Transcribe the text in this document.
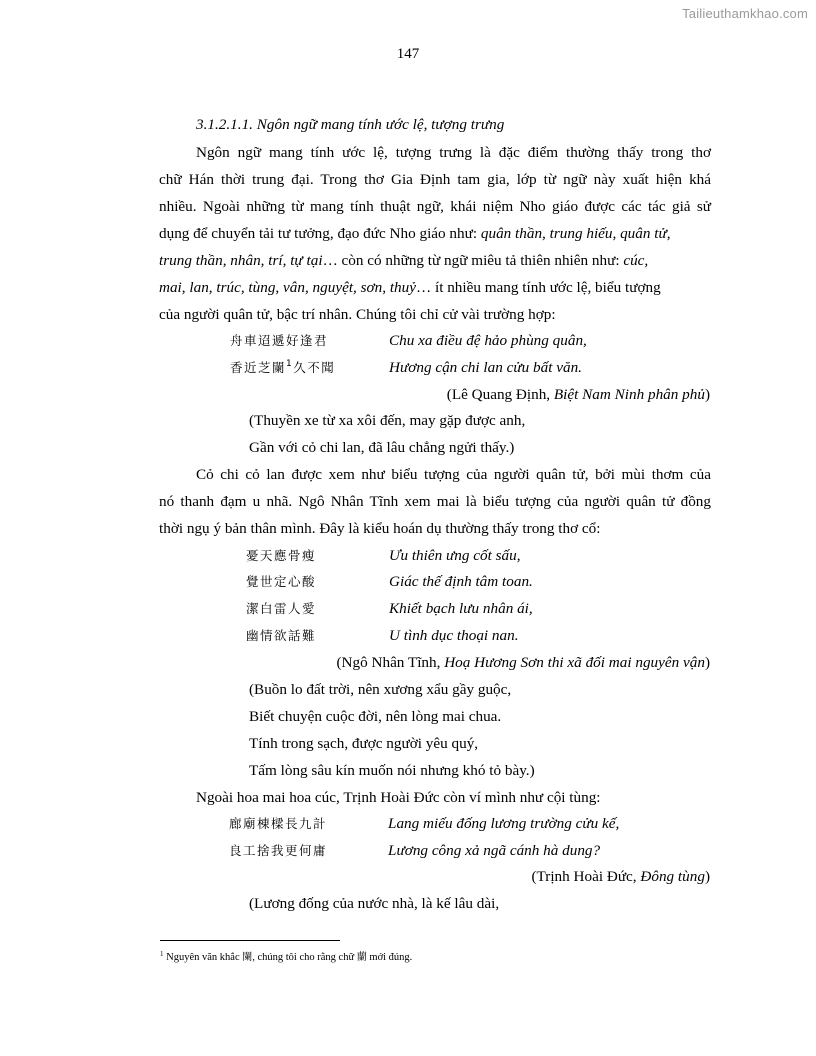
Tailieuthamkhao.com
147
3.1.2.1.1. Ngôn ngữ mang tính ước lệ, tượng trưng
Ngôn ngữ mang tính ước lệ, tượng trưng là đặc điểm thường thấy trong thơ
chữ Hán thời trung đại. Trong thơ Gia Định tam gia, lớp từ ngữ này xuất hiện khá
nhiều. Ngoài những từ mang tính thuật ngữ, khái niệm Nho giáo được các tác giả sử
dụng để chuyển tải tư tưởng, đạo đức Nho giáo như: quân thần, trung hiếu, quân tử,
trung thần, nhân, trí, tự tại… còn có những từ ngữ miêu tả thiên nhiên như: cúc,
mai, lan, trúc, tùng, vân, nguyệt, sơn, thuỷ… ít nhiều mang tính ước lệ, biểu tượng
của người quân tử, bậc trí nhân. Chúng tôi chỉ cử vài trường hợp:
舟車迢遞好逢君	Chu xa điều đệ hảo phùng quân,
香近芝闌$^1$久不聞	Hương cận chi lan cửu bất văn.
(Lê Quang Định, Biệt Nam Ninh phân phủ)
(Thuyền xe từ xa xôi đến, may gặp được anh,
Gần với cỏ chi lan, đã lâu chẳng ngửi thấy.)
Cỏ chi cỏ lan được xem như biểu tượng của người quân tử, bởi mùi thơm của
nó thanh đạm u nhã. Ngô Nhân Tĩnh xem mai là biểu tượng của người quân tử đồng
thời ngụ ý bản thân mình. Đây là kiểu hoán dụ thường thấy trong thơ cổ:
憂天應骨瘦	Ưu thiên ưng cốt sấu,
覺世定心酸	Giác thế định tâm toan.
潔白雷人愛	Khiết bạch lưu nhân ái,
幽情欲話難	U tình dục thoại nan.
(Ngô Nhân Tĩnh, Hoạ Hương Sơn thi xã đối mai nguyên vận)
(Buồn lo đất trời, nên xương xẩu gầy guộc,
Biết chuyện cuộc đời, nên lòng mai chua.
Tính trong sạch, được người yêu quý,
Tấm lòng sâu kín muốn nói nhưng khó tỏ bày.)
Ngoài hoa mai hoa cúc, Trịnh Hoài Đức còn ví mình như cội tùng:
廊廟棟樑長九計	Lang miếu đống lương trường cửu kế,
良工捨我更何庸	Lương công xả ngã cánh hà dung?
(Trịnh Hoài Đức, Đông tùng)
(Lương đống của nước nhà, là kế lâu dài,
$^1$ Nguyên văn khắc 闌, chúng tôi cho rằng chữ 蘭 mới đúng.
